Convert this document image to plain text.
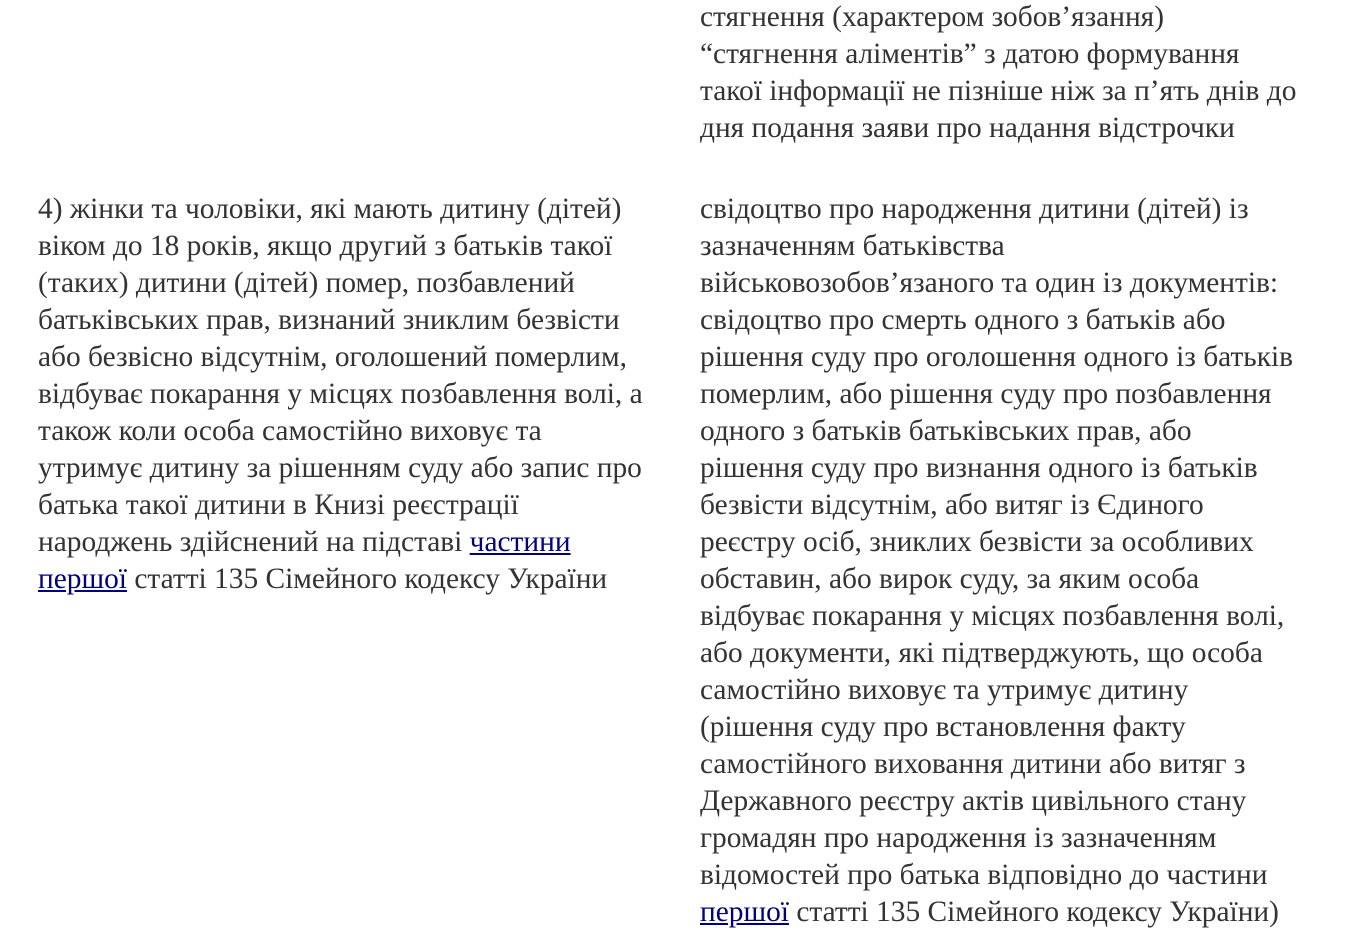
стягнення (характером зобов’язання)
“стягнення аліментів” з датою формування
такої інформації не пізніше ніж за п’ять днів до
дня подання заяви про надання відстрочки
4) жінки та чоловіки, які мають дитину (дітей)
віком до 18 років, якщо другий з батьків такої
(таких) дитини (дітей) помер, позбавлений
батьківських прав, визнаний зниклим безвісти
або безвісно відсутнім, оголошений померлим,
відбуває покарання у місцях позбавлення волі, а
також коли особа самостійно виховує та
утримує дитину за рішенням суду або запис про
батька такої дитини в Книзі реєстрації
народжень здійснений на підставі частини
першої статті 135 Сімейного кодексу України
свідоцтво про народження дитини (дітей) із
зазначенням батьківства
військовозобов’язаного та один із документів:
свідоцтво про смерть одного з батьків або
рішення суду про оголошення одного із батьків
померлим, або рішення суду про позбавлення
одного з батьків батьківських прав, або
рішення суду про визнання одного із батьків
безвісти відсутнім, або витяг із Єдиного
реєстру осіб, зниклих безвісти за особливих
обставин, або вирок суду, за яким особа
відбуває покарання у місцях позбавлення волі,
або документи, які підтверджують, що особа
самостійно виховує та утримує дитину
(рішення суду про встановлення факту
самостійного виховання дитини або витяг з
Державного реєстру актів цивільного стану
громадян про народження із зазначенням
відомостей про батька відповідно до частини
першої статті 135 Сімейного кодексу України)
